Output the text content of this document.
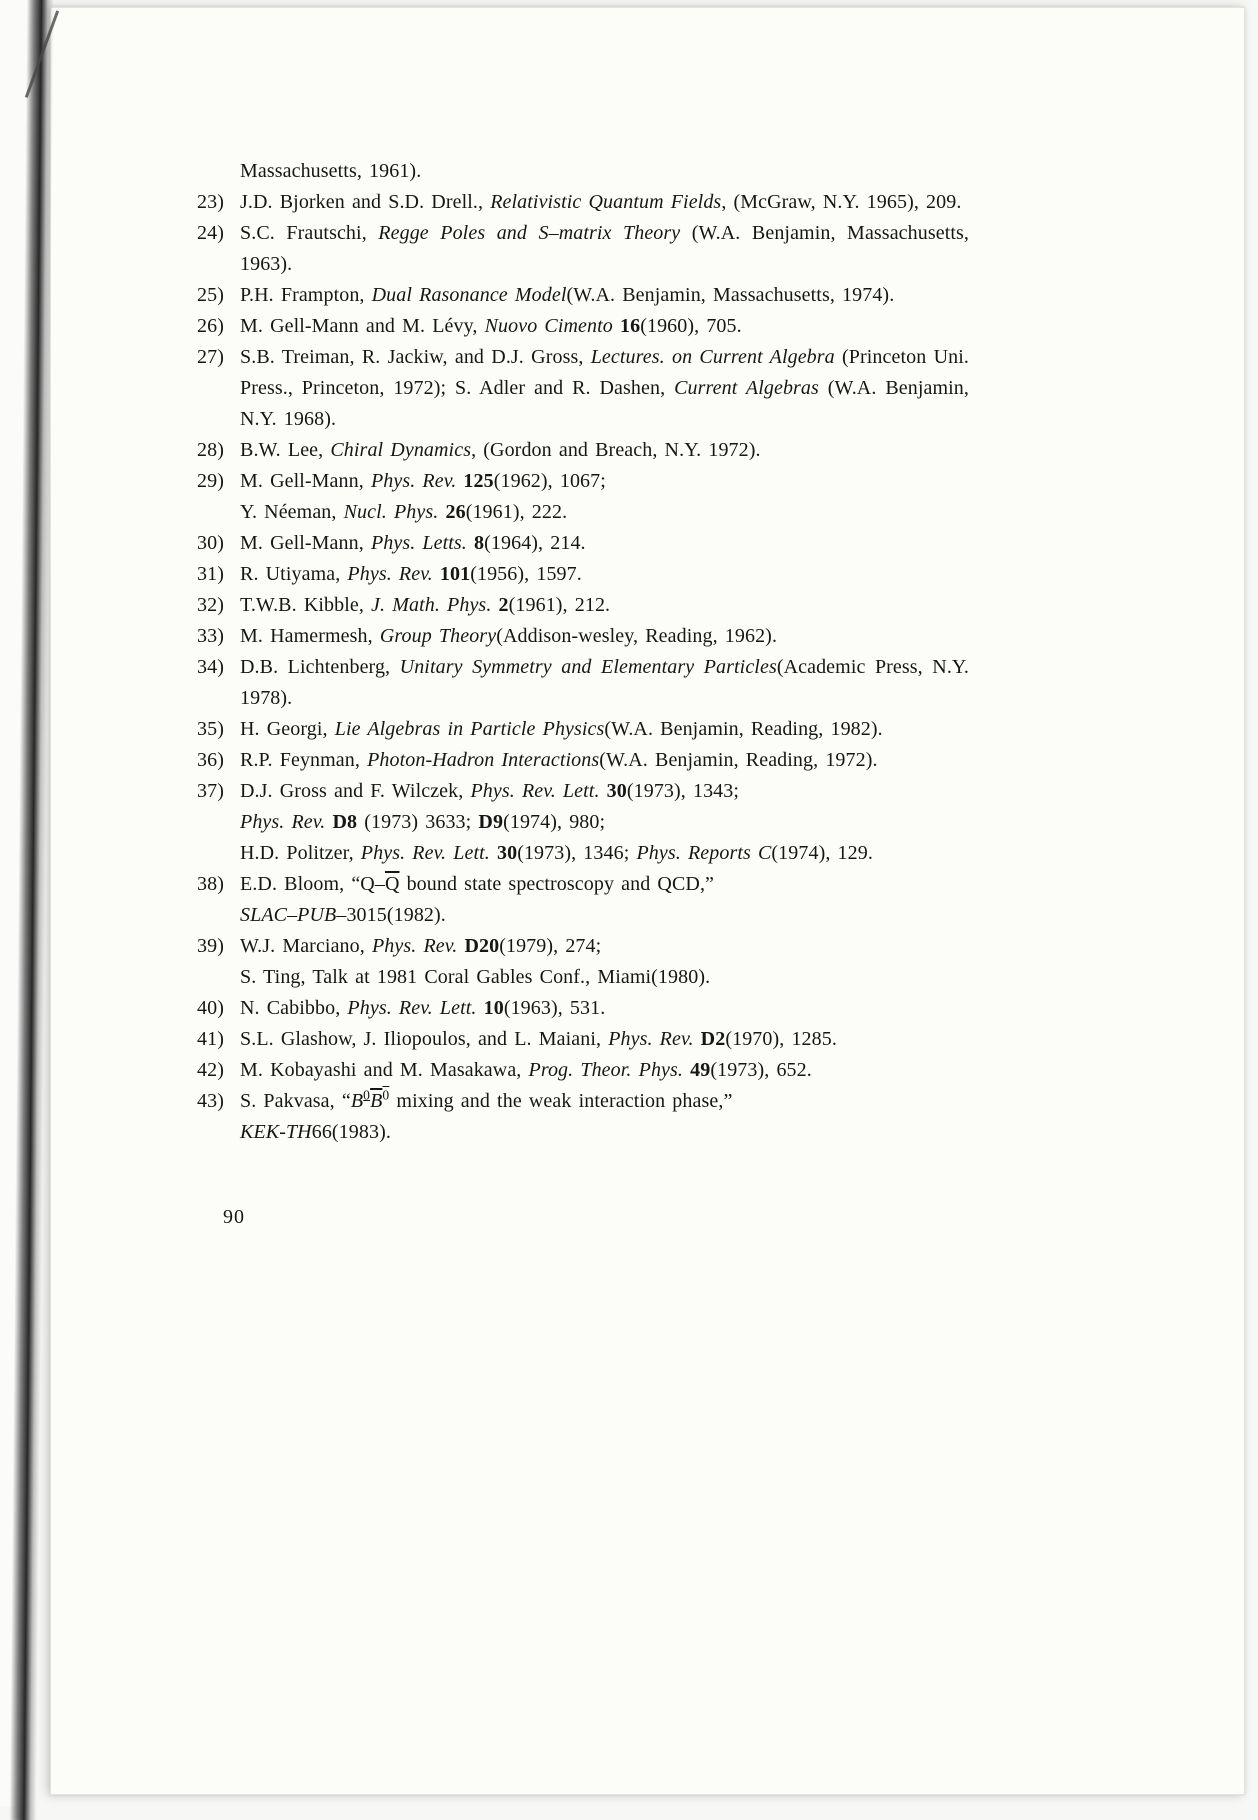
Massachusetts, 1961).
23) J.D. Bjorken and S.D. Drell., Relativistic Quantum Fields, (McGraw, N.Y. 1965), 209.
24) S.C. Frautschi, Regge Poles and S–matrix Theory (W.A. Benjamin, Massachusetts, 1963).
25) P.H. Frampton, Dual Rasonance Model(W.A. Benjamin, Massachusetts, 1974).
26) M. Gell-Mann and M. Lévy, Nuovo Cimento 16(1960), 705.
27) S.B. Treiman, R. Jackiw, and D.J. Gross, Lectures. on Current Algebra (Princeton Uni. Press., Princeton, 1972); S. Adler and R. Dashen, Current Algebras (W.A. Benjamin, N.Y. 1968).
28) B.W. Lee, Chiral Dynamics, (Gordon and Breach, N.Y. 1972).
29) M. Gell-Mann, Phys. Rev. 125(1962), 1067;
Y. Néeman, Nucl. Phys. 26(1961), 222.
30) M. Gell-Mann, Phys. Letts. 8(1964), 214.
31) R. Utiyama, Phys. Rev. 101(1956), 1597.
32) T.W.B. Kibble, J. Math. Phys. 2(1961), 212.
33) M. Hamermesh, Group Theory(Addison-wesley, Reading, 1962).
34) D.B. Lichtenberg, Unitary Symmetry and Elementary Particles(Academic Press, N.Y. 1978).
35) H. Georgi, Lie Algebras in Particle Physics(W.A. Benjamin, Reading, 1982).
36) R.P. Feynman, Photon-Hadron Interactions(W.A. Benjamin, Reading, 1972).
37) D.J. Gross and F. Wilczek, Phys. Rev. Lett. 30(1973), 1343;
Phys. Rev. D8 (1973) 3633; D9(1974), 980;
H.D. Politzer, Phys. Rev. Lett. 30(1973), 1346; Phys. Reports C(1974), 129.
38) E.D. Bloom, “$Q-\overline{Q}$ bound state spectroscopy and QCD,”
SLAC–PUB–3015(1982).
39) W.J. Marciano, Phys. Rev. D20(1979), 274;
S. Ting, Talk at 1981 Coral Gables Conf., Miami(1980).
40) N. Cabibbo, Phys. Rev. Lett. 10(1963), 531.
41) S.L. Glashow, J. Iliopoulos, and L. Maiani, Phys. Rev. D2(1970), 1285.
42) M. Kobayashi and M. Masakawa, Prog. Theor. Phys. 49(1973), 652.
43) S. Pakvasa, “$B^0\overline{B}^0$ mixing and the weak interaction phase,”
KEK-TH66(1983).
90
